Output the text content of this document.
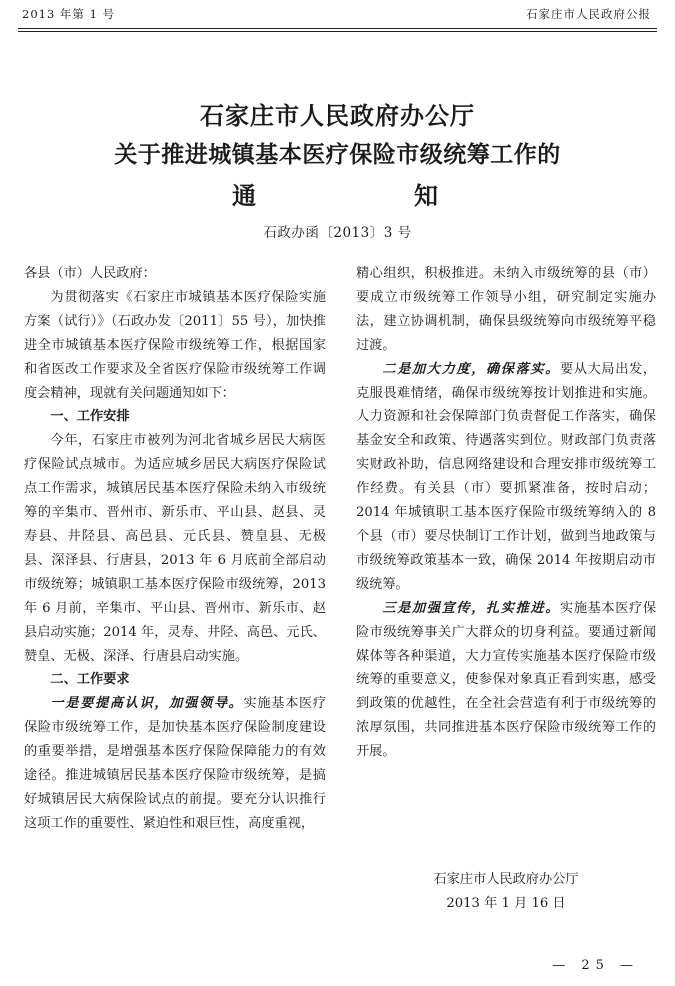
2013 年第 1 号	石家庄市人民政府公报
石家庄市人民政府办公厅
关于推进城镇基本医疗保险市级统筹工作的
通	知
石政办函〔2013〕3 号

各县（市）人民政府：

为贯彻落实《石家庄市城镇基本医疗保险实施方案（试行）》（石政办发〔2011〕55 号），加快推进全市城镇基本医疗保险市级统筹工作，根据国家和省医改工作要求及全省医疗保险市级统筹工作调度会精神，现就有关问题通知如下：

一、工作安排

今年，石家庄市被列为河北省城乡居民大病医疗保险试点城市。为适应城乡居民大病医疗保险试点工作需求，城镇居民基本医疗保险未纳入市级统筹的辛集市、晋州市、新乐市、平山县、赵县、灵寿县、井陉县、高邑县、元氏县、赞皇县、无极县、深泽县、行唐县，2013 年 6 月底前全部启动市级统筹；城镇职工基本医疗保险市级统筹，2013 年 6 月前，辛集市、平山县、晋州市、新乐市、赵县启动实施；2014 年，灵寿、井陉、高邑、元氏、赞皇、无极、深泽、行唐县启动实施。

二、工作要求

一是要提高认识，加强领导。实施基本医疗保险市级统筹工作，是加快基本医疗保险制度建设的重要举措，是增强基本医疗保险保障能力的有效途径。推进城镇居民基本医疗保险市级统筹，是搞好城镇居民大病保险试点的前提。要充分认识推行这项工作的重要性、紧迫性和艰巨性，高度重视，

精心组织，积极推进。未纳入市级统筹的县（市）要成立市级统筹工作领导小组，研究制定实施办法，建立协调机制，确保县级统筹向市级统筹平稳过渡。

二是加大力度，确保落实。要从大局出发，克服畏难情绪，确保市级统筹按计划推进和实施。人力资源和社会保障部门负责督促工作落实，确保基金安全和政策、待遇落实到位。财政部门负责落实财政补助，信息网络建设和合理安排市级统筹工作经费。有关县（市）要抓紧准备，按时启动；2014 年城镇职工基本医疗保险市级统筹纳入的 8 个县（市）要尽快制订工作计划，做到当地政策与市级统筹政策基本一致，确保 2014 年按期启动市级统筹。

三是加强宣传，扎实推进。实施基本医疗保险市级统筹事关广大群众的切身利益。要通过新闻媒体等各种渠道，大力宣传实施基本医疗保险市级统筹的重要意义，使参保对象真正看到实惠，感受到政策的优越性，在全社会营造有利于市级统筹的浓厚氛围，共同推进基本医疗保险市级统筹工作的开展。

石家庄市人民政府办公厅
2013 年 1 月 16 日
— 25 —
